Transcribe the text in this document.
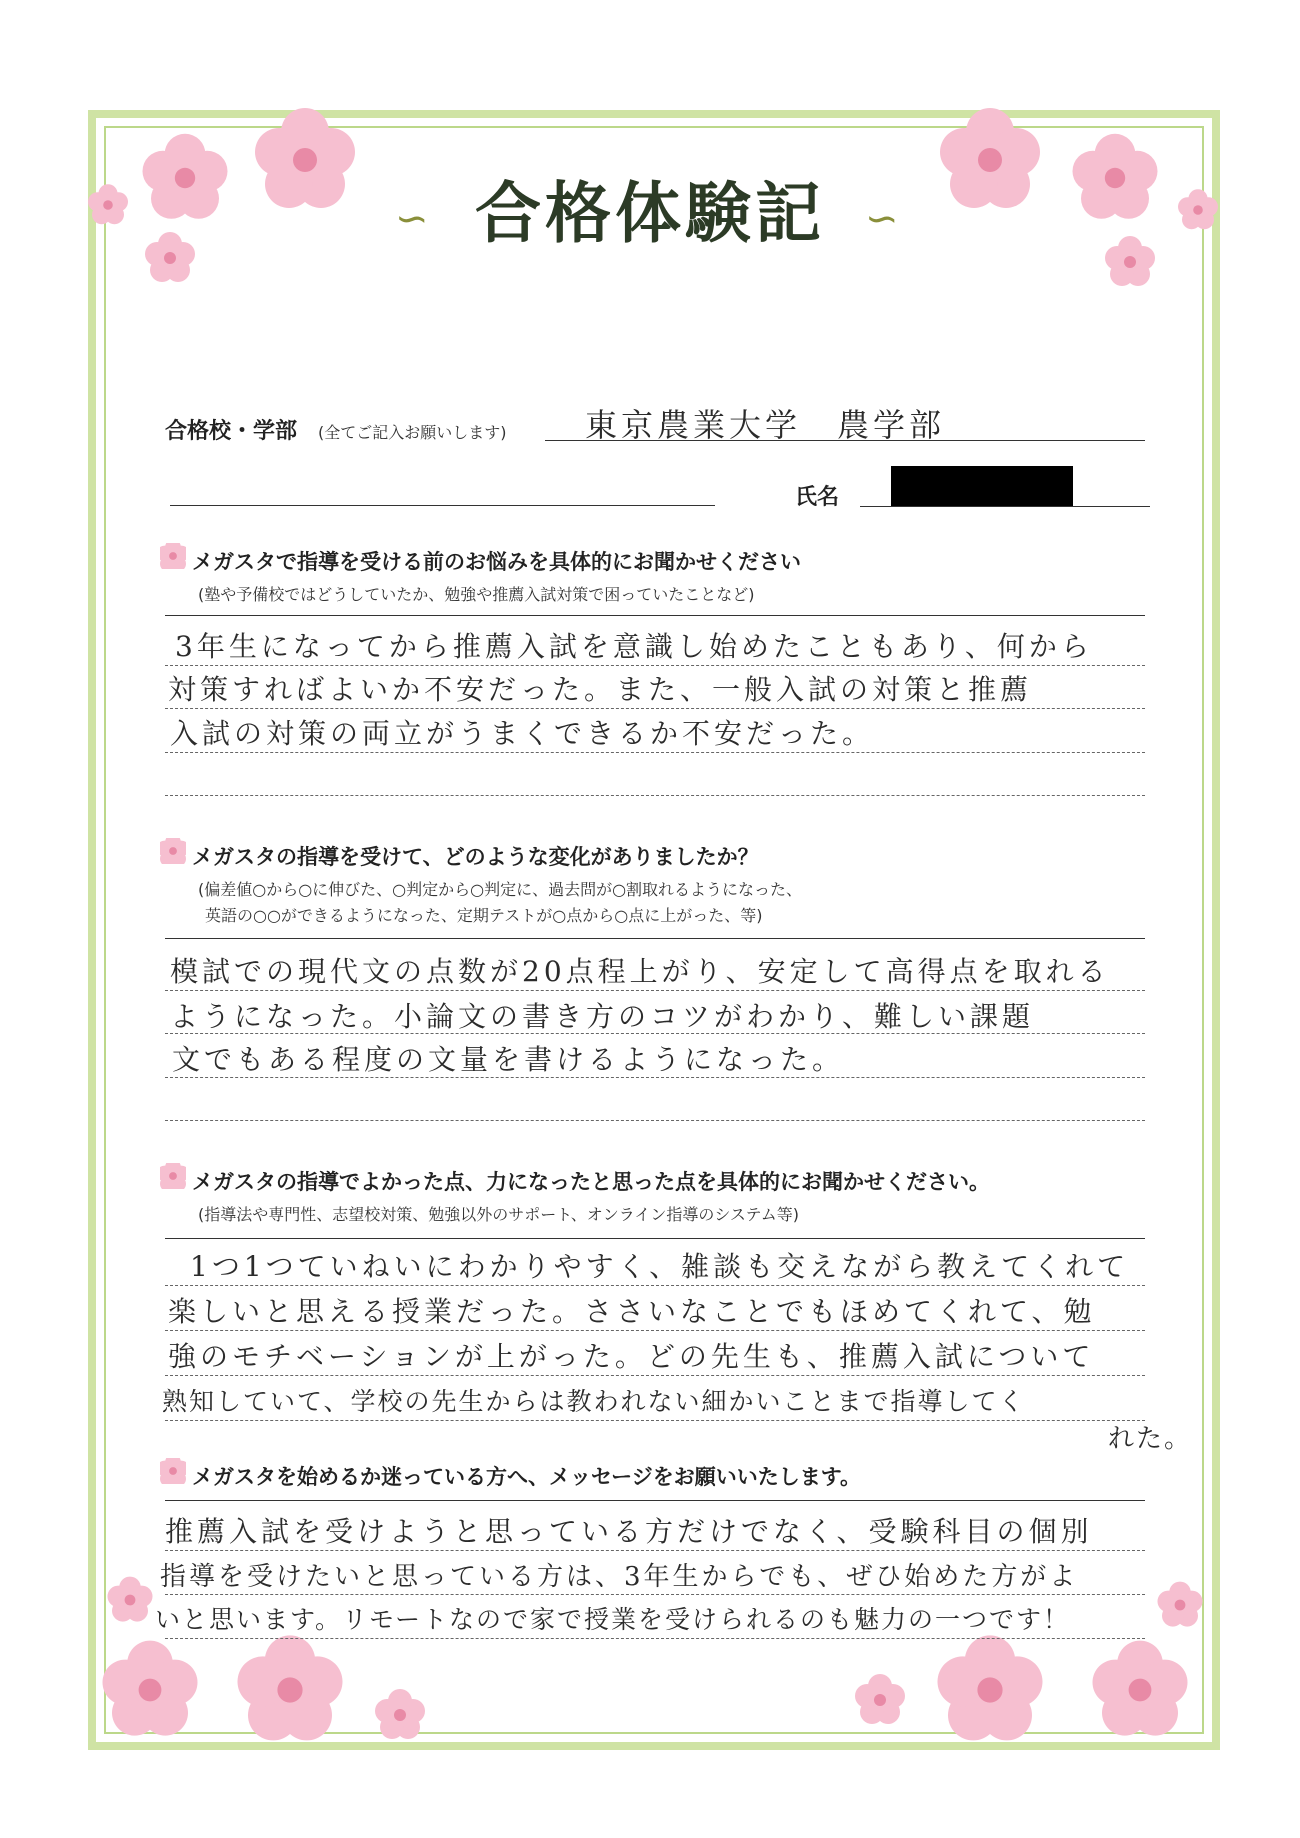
∽	∽
合格体験記
合格校・学部 (全てご記入お願いします) 東京農業大学　農学部
氏名
メガスタで指導を受ける前のお悩みを具体的にお聞かせください
(塾や予備校ではどうしていたか、勉強や推薦入試対策で困っていたことなど)
3年生になってから推薦入試を意識し始めたこともあり、何から
対策すればよいか不安だった。また、一般入試の対策と推薦
入試の対策の両立がうまくできるか不安だった。
メガスタの指導を受けて、どのような変化がありましたか？
(偏差値○から○に伸びた、○判定から○判定に、過去問が○割取れるようになった、
英語の○○ができるようになった、定期テストが○点から○点に上がった、等)
模試での現代文の点数が20点程上がり、安定して高得点を取れる
ようになった。小論文の書き方のコツがわかり、難しい課題
文でもある程度の文量を書けるようになった。
メガスタの指導でよかった点、力になったと思った点を具体的にお聞かせください。
(指導法や専門性、志望校対策、勉強以外のサポート、オンライン指導のシステム等)
1つ1つていねいにわかりやすく、雑談も交えながら教えてくれて
楽しいと思える授業だった。ささいなことでもほめてくれて、勉
強のモチベーションが上がった。どの先生も、推薦入試について
熟知していて、学校の先生からは教われない細かいことまで指導してく
れた。
メガスタを始めるか迷っている方へ、メッセージをお願いいたします。
推薦入試を受けようと思っている方だけでなく、受験科目の個別
指導を受けたいと思っている方は、3年生からでも、ぜひ始めた方がよ
いと思います。リモートなので家で授業を受けられるのも魅力の一つです！
